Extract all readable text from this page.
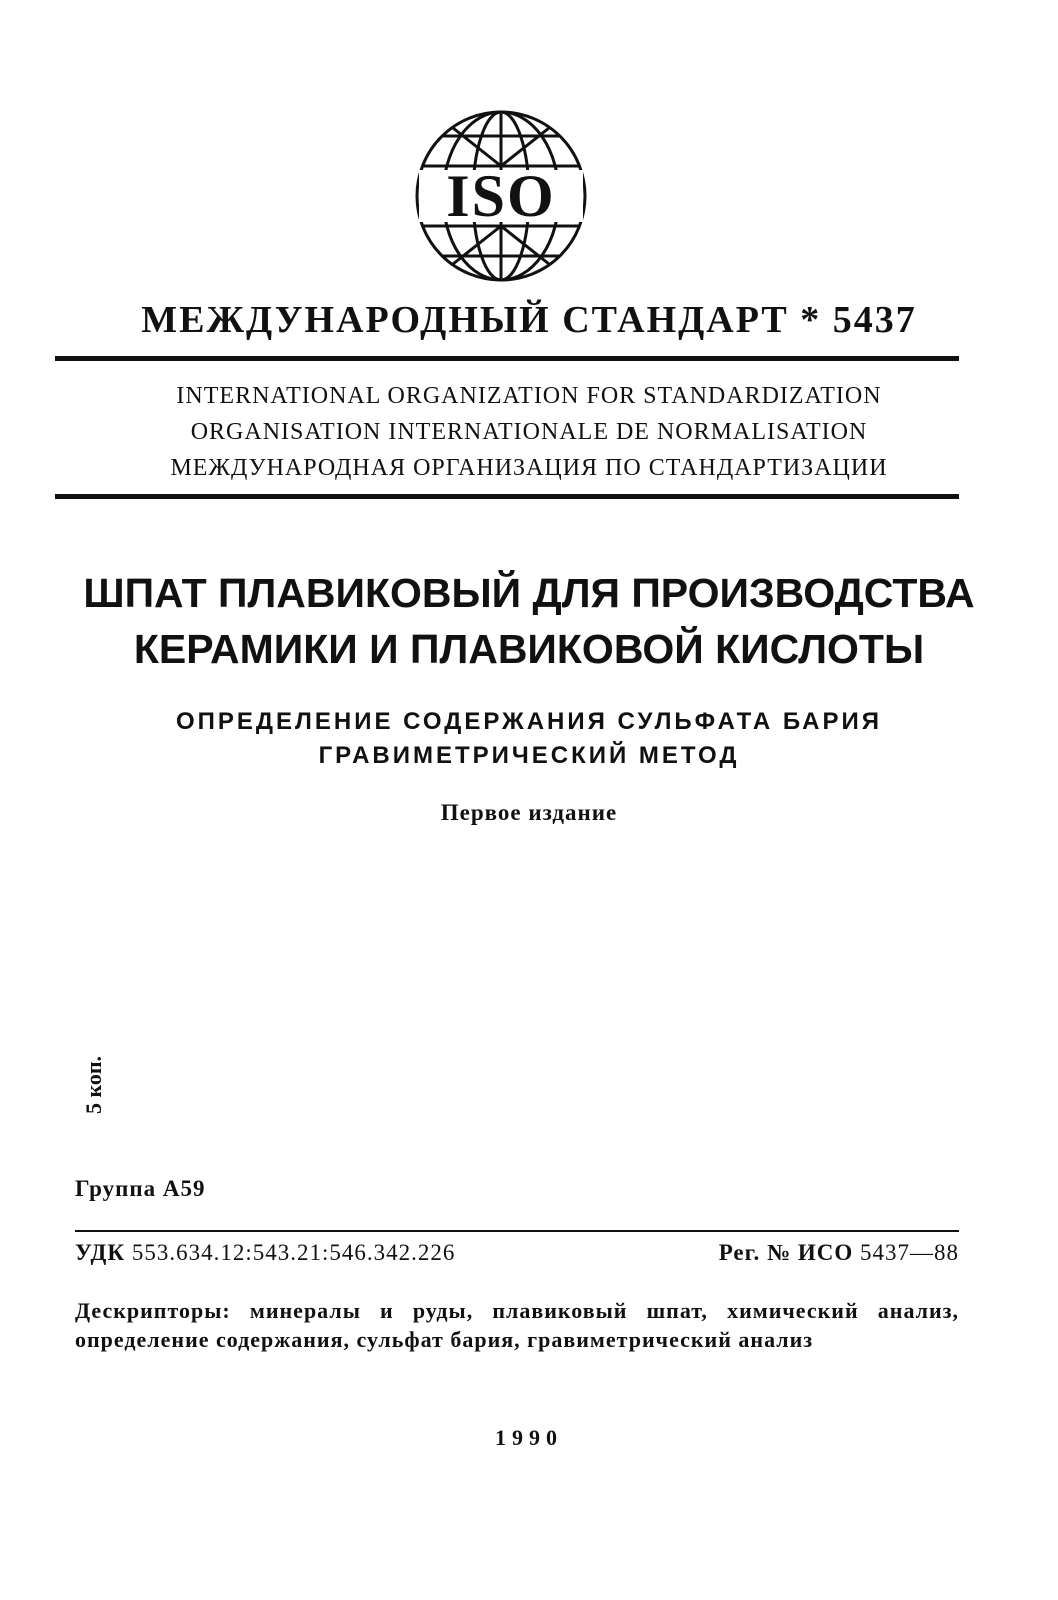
ISO
МЕЖДУНАРОДНЫЙ СТАНДАРТ * 5437
INTERNATIONAL ORGANIZATION FOR STANDARDIZATION
ORGANISATION INTERNATIONALE DE NORMALISATION
МЕЖДУНАРОДНАЯ ОРГАНИЗАЦИЯ ПО СТАНДАРТИЗАЦИИ
ШПАТ ПЛАВИКОВЫЙ ДЛЯ ПРОИЗВОДСТВА
КЕРАМИКИ И ПЛАВИКОВОЙ КИСЛОТЫ
ОПРЕДЕЛЕНИЕ СОДЕРЖАНИЯ СУЛЬФАТА БАРИЯ
ГРАВИМЕТРИЧЕСКИЙ МЕТОД
Первое издание
5 коп.
Группа А59
УДК 553.634.12:543.21:546.342.226	Рег. № ИСО 5437—88
Дескрипторы: минералы и руды, плавиковый шпат, химический анализ, определение содержания, сульфат бария, гравиметрический анализ
1990
